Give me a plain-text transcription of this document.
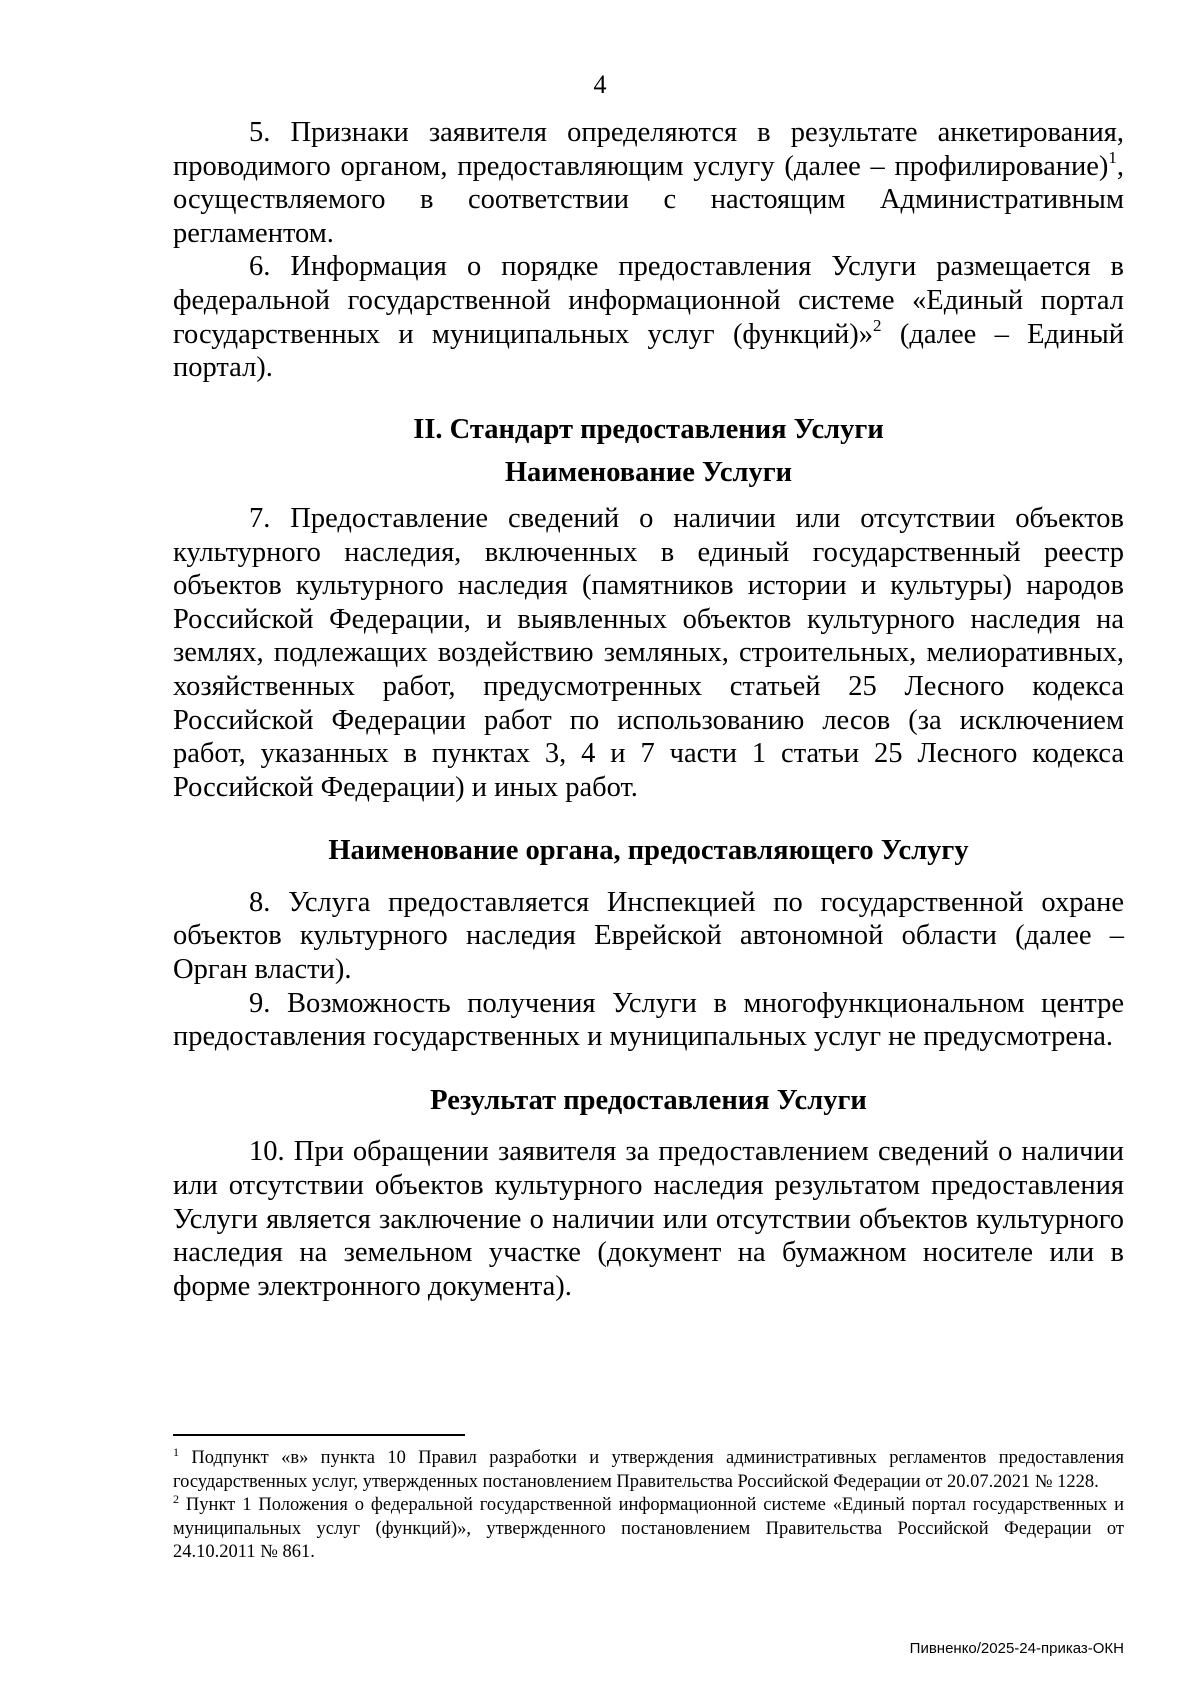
4

5. Признаки заявителя определяются в результате анкетирования, проводимого органом, предоставляющим услугу (далее – профилирование)$^1$, осуществляемого в соответствии с настоящим Административным регламентом.

6. Информация о порядке предоставления Услуги размещается в федеральной государственной информационной системе «Единый портал государственных и муниципальных услуг (функций)»$^2$ (далее – Единый портал).

II. Стандарт предоставления Услуги

Наименование Услуги

7. Предоставление сведений о наличии или отсутствии объектов культурного наследия, включенных в единый государственный реестр объектов культурного наследия (памятников истории и культуры) народов Российской Федерации, и выявленных объектов культурного наследия на землях, подлежащих воздействию земляных, строительных, мелиоративных, хозяйственных работ, предусмотренных статьей 25 Лесного кодекса Российской Федерации работ по использованию лесов (за исключением работ, указанных в пунктах 3, 4 и 7 части 1 статьи 25 Лесного кодекса Российской Федерации) и иных работ.

Наименование органа, предоставляющего Услугу

8. Услуга предоставляется Инспекцией по государственной охране объектов культурного наследия Еврейской автономной области (далее – Орган власти).

9. Возможность получения Услуги в многофункциональном центре предоставления государственных и муниципальных услуг не предусмотрена.

Результат предоставления Услуги

10. При обращении заявителя за предоставлением сведений о наличии или отсутствии объектов культурного наследия результатом предоставления Услуги является заключение о наличии или отсутствии объектов культурного наследия на земельном участке (документ на бумажном носителе или в форме электронного документа).

$^1$ Подпункт «в» пункта 10 Правил разработки и утверждения административных регламентов предоставления государственных услуг, утвержденных постановлением Правительства Российской Федерации от 20.07.2021 № 1228.

$^2$ Пункт 1 Положения о федеральной государственной информационной системе «Единый портал государственных и муниципальных услуг (функций)», утвержденного постановлением Правительства Российской Федерации от 24.10.2011 № 861.

Пивненко/2025-24-приказ-ОКН
